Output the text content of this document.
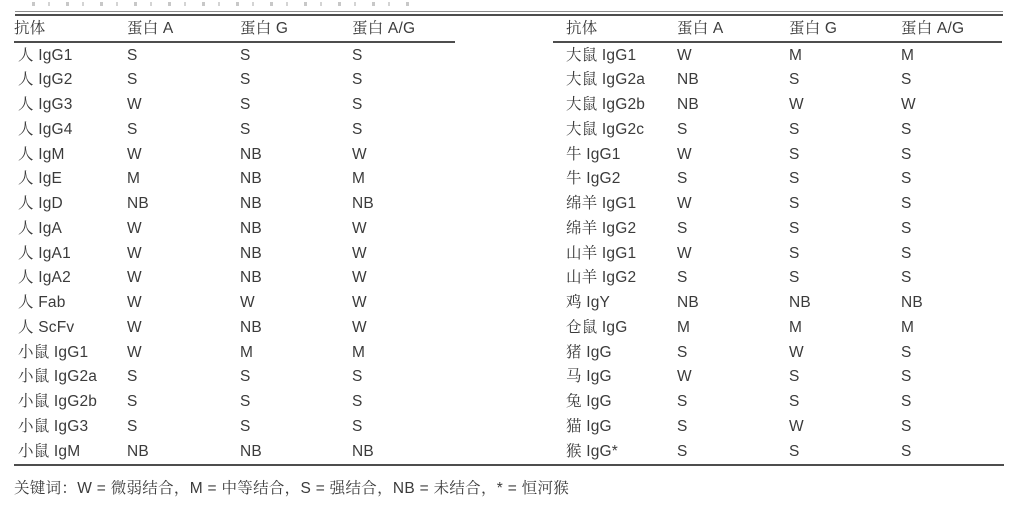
抗体	蛋白 A	蛋白 G	蛋白 A/G
人 IgG1	S	S	S
人 IgG2	S	S	S
人 IgG3	W	S	S
人 IgG4	S	S	S
人 IgM	W	NB	W
人 IgE	M	NB	M
人 IgD	NB	NB	NB
人 IgA	W	NB	W
人 IgA1	W	NB	W
人 IgA2	W	NB	W
人 Fab	W	W	W
人 ScFv	W	NB	W
小鼠 IgG1	W	M	M
小鼠 IgG2a	S	S	S
小鼠 IgG2b	S	S	S
小鼠 IgG3	S	S	S
小鼠 IgM	NB	NB	NB
抗体	蛋白 A	蛋白 G	蛋白 A/G
大鼠 IgG1	W	M	M
大鼠 IgG2a	NB	S	S
大鼠 IgG2b	NB	W	W
大鼠 IgG2c	S	S	S
牛 IgG1	W	S	S
牛 IgG2	S	S	S
绵羊 IgG1	W	S	S
绵羊 IgG2	S	S	S
山羊 IgG1	W	S	S
山羊 IgG2	S	S	S
鸡 IgY	NB	NB	NB
仓鼠 IgG	M	M	M
猪 IgG	S	W	S
马 IgG	W	S	S
兔 IgG	S	S	S
猫 IgG	S	W	S
猴 IgG*	S	S	S
关键词：W = 微弱结合，M = 中等结合，S = 强结合，NB = 未结合，* = 恒河猴
